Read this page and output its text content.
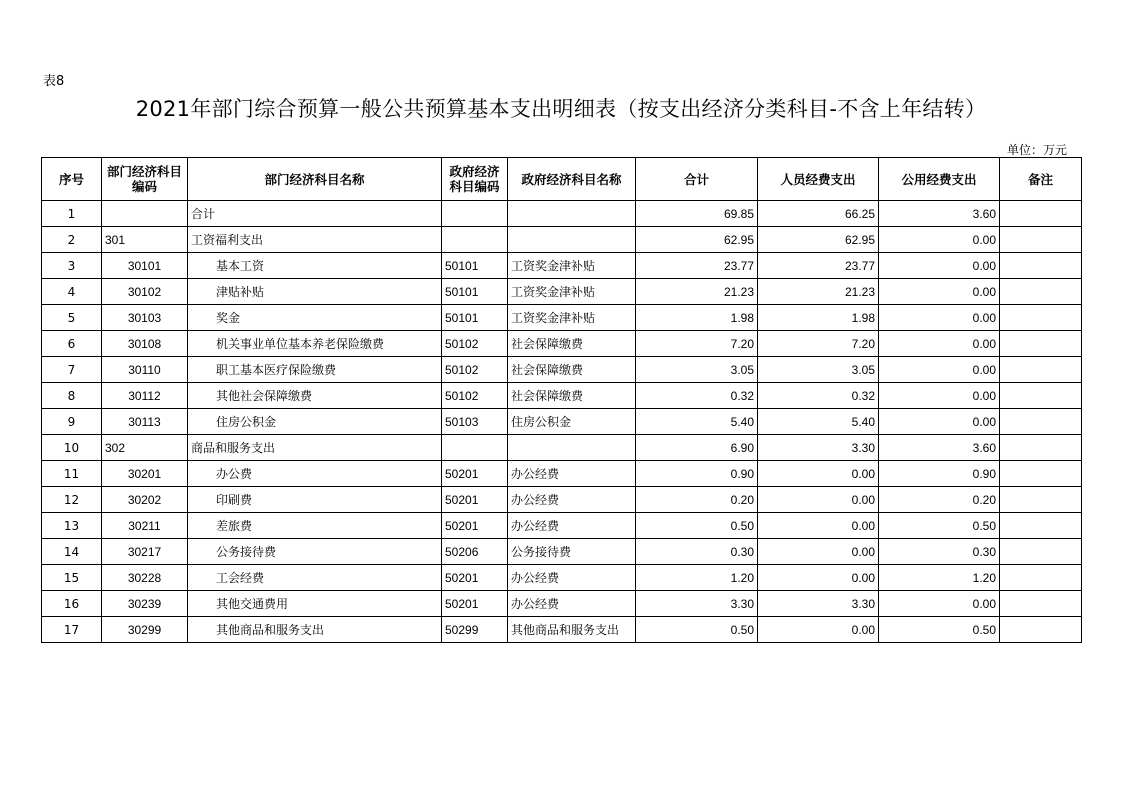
表8
2021年部门综合预算一般公共预算基本支出明细表（按支出经济分类科目-不含上年结转）
单位：万元
序号	部门经济科目编码	部门经济科目名称	政府经济科目编码	政府经济科目名称	合计	人员经费支出	公用经费支出	备注
1		合计			69.85	66.25	3.60	
2	301	工资福利支出			62.95	62.95	0.00	
3	30101	基本工资	50101	工资奖金津补贴	23.77	23.77	0.00	
4	30102	津贴补贴	50101	工资奖金津补贴	21.23	21.23	0.00	
5	30103	奖金	50101	工资奖金津补贴	1.98	1.98	0.00	
6	30108	机关事业单位基本养老保险缴费	50102	社会保障缴费	7.20	7.20	0.00	
7	30110	职工基本医疗保险缴费	50102	社会保障缴费	3.05	3.05	0.00	
8	30112	其他社会保障缴费	50102	社会保障缴费	0.32	0.32	0.00	
9	30113	住房公积金	50103	住房公积金	5.40	5.40	0.00	
10	302	商品和服务支出			6.90	3.30	3.60	
11	30201	办公费	50201	办公经费	0.90	0.00	0.90	
12	30202	印刷费	50201	办公经费	0.20	0.00	0.20	
13	30211	差旅费	50201	办公经费	0.50	0.00	0.50	
14	30217	公务接待费	50206	公务接待费	0.30	0.00	0.30	
15	30228	工会经费	50201	办公经费	1.20	0.00	1.20	
16	30239	其他交通费用	50201	办公经费	3.30	3.30	0.00	
17	30299	其他商品和服务支出	50299	其他商品和服务支出	0.50	0.00	0.50	
